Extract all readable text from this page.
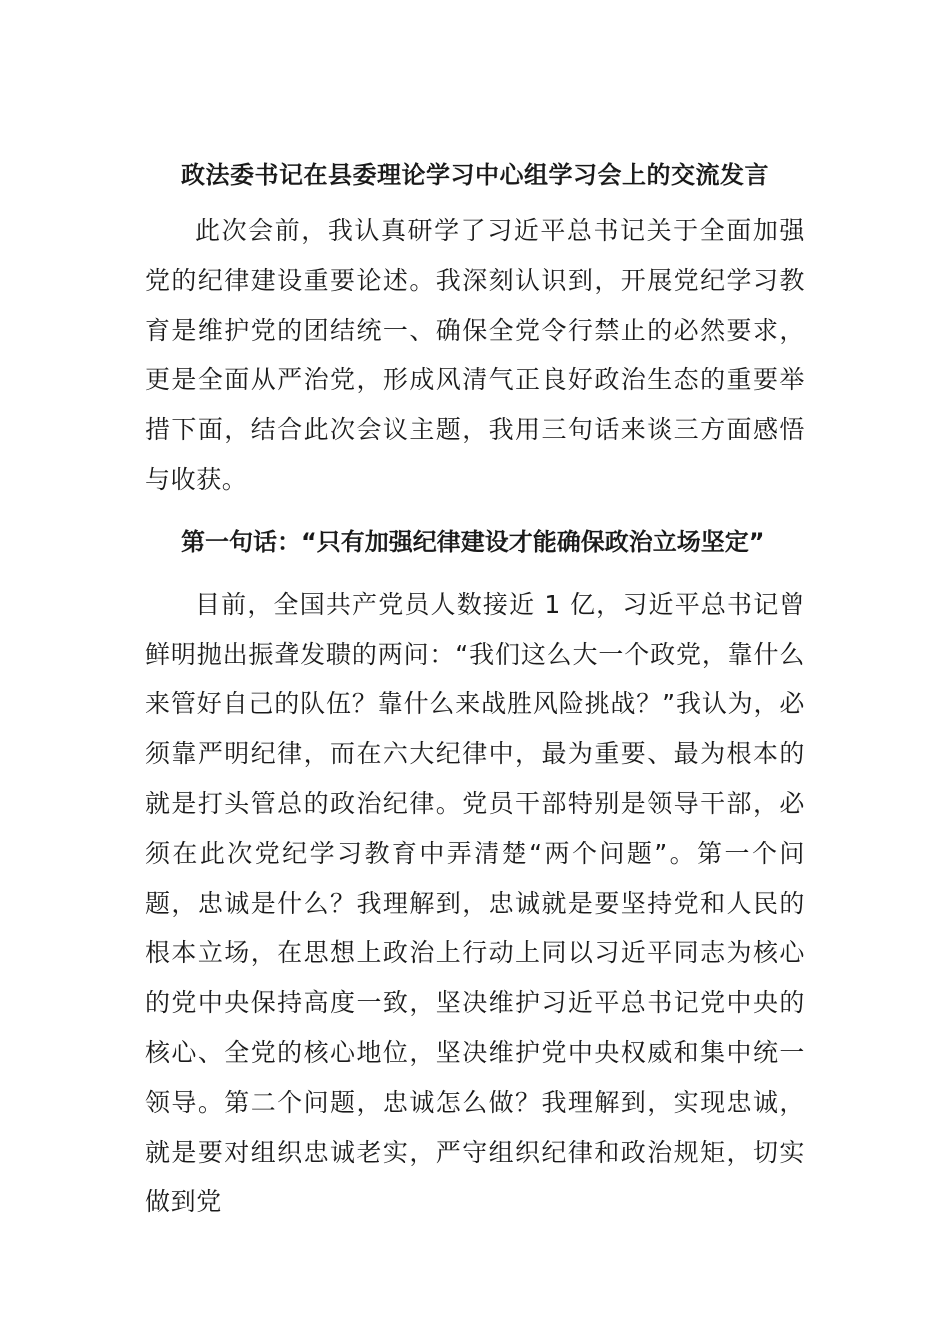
政法委书记在县委理论学习中心组学习会上的交流发言

此次会前，我认真研学了习近平总书记关于全面加强党的纪律建设重要论述。我深刻认识到，开展党纪学习教育是维护党的团结统一、确保全党令行禁止的必然要求，更是全面从严治党，形成风清气正良好政治生态的重要举措下面，结合此次会议主题，我用三句话来谈三方面感悟与收获。

第一句话：“只有加强纪律建设才能确保政治立场坚定”

目前，全国共产党员人数接近 1 亿，习近平总书记曾鲜明抛出振聋发聩的两问：“我们这么大一个政党，靠什么来管好自己的队伍？靠什么来战胜风险挑战？”我认为，必须靠严明纪律，而在六大纪律中，最为重要、最为根本的就是打头管总的政治纪律。党员干部特别是领导干部，必须在此次党纪学习教育中弄清楚“两个问题”。第一个问题，忠诚是什么？我理解到，忠诚就是要坚持党和人民的根本立场，在思想上政治上行动上同以习近平同志为核心的党中央保持高度一致，坚决维护习近平总书记党中央的核心、全党的核心地位，坚决维护党中央权威和集中统一领导。第二个问题，忠诚怎么做？我理解到，实现忠诚，就是要对组织忠诚老实，严守组织纪律和政治规矩，切实做到党
